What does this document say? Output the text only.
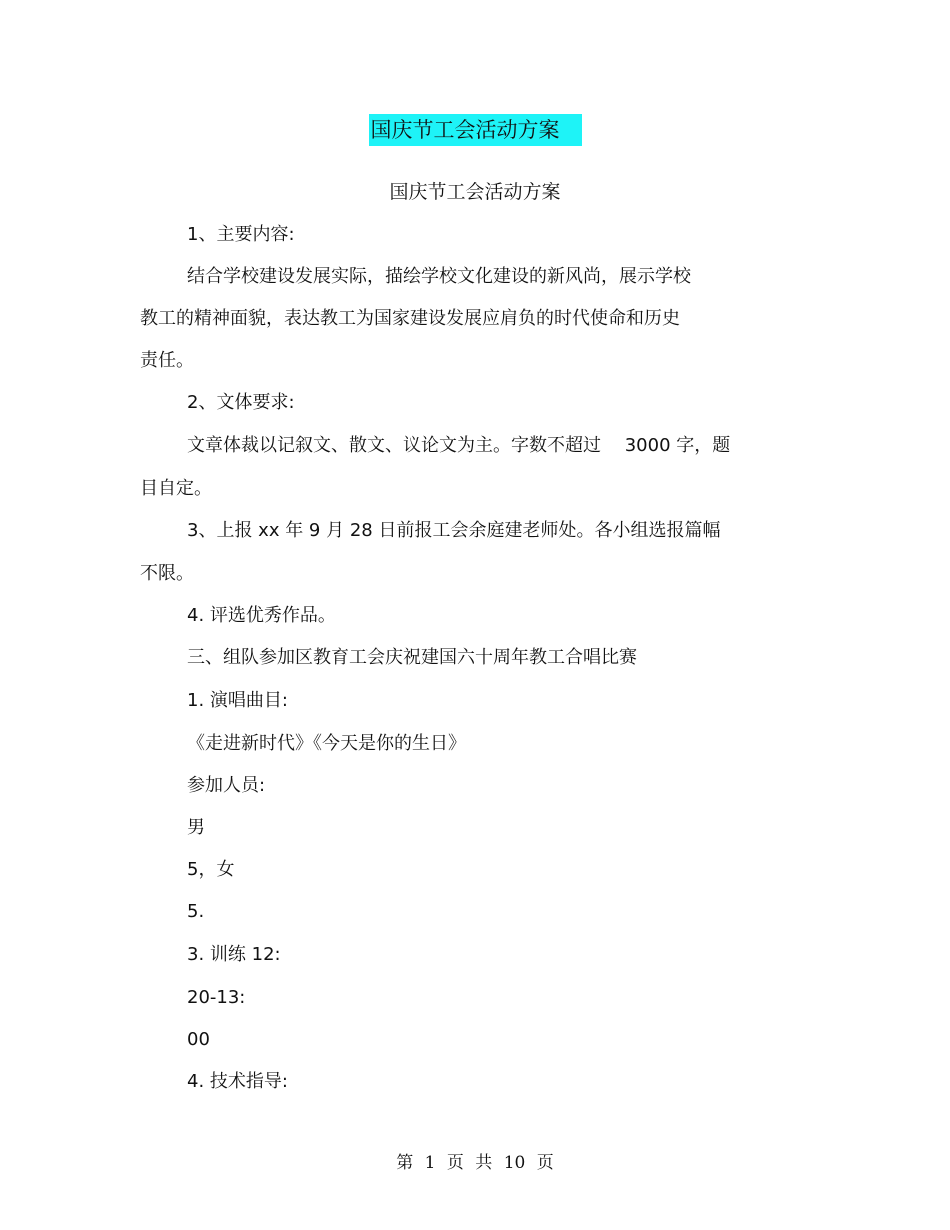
国庆节工会活动方案
国庆节工会活动方案
1、主要内容:
结合学校建设发展实际，描绘学校文化建设的新风尚，展示学校
教工的精神面貌，表达教工为国家建设发展应肩负的时代使命和历史
责任。
2、文体要求:
文章体裁以记叙文、散文、议论文为主。字数不超过　 3000 字，题
目自定。
3、上报 xx 年 9 月 28 日前报工会余庭建老师处。各小组选报篇幅
不限。
4. 评选优秀作品。
三、组队参加区教育工会庆祝建国六十周年教工合唱比赛
1. 演唱曲目:
《走进新时代》《今天是你的生日》
参加人员:
男
5，女
5.
3. 训练 12:
20-13:
00
4. 技术指导:
第 1 页 共 10 页
